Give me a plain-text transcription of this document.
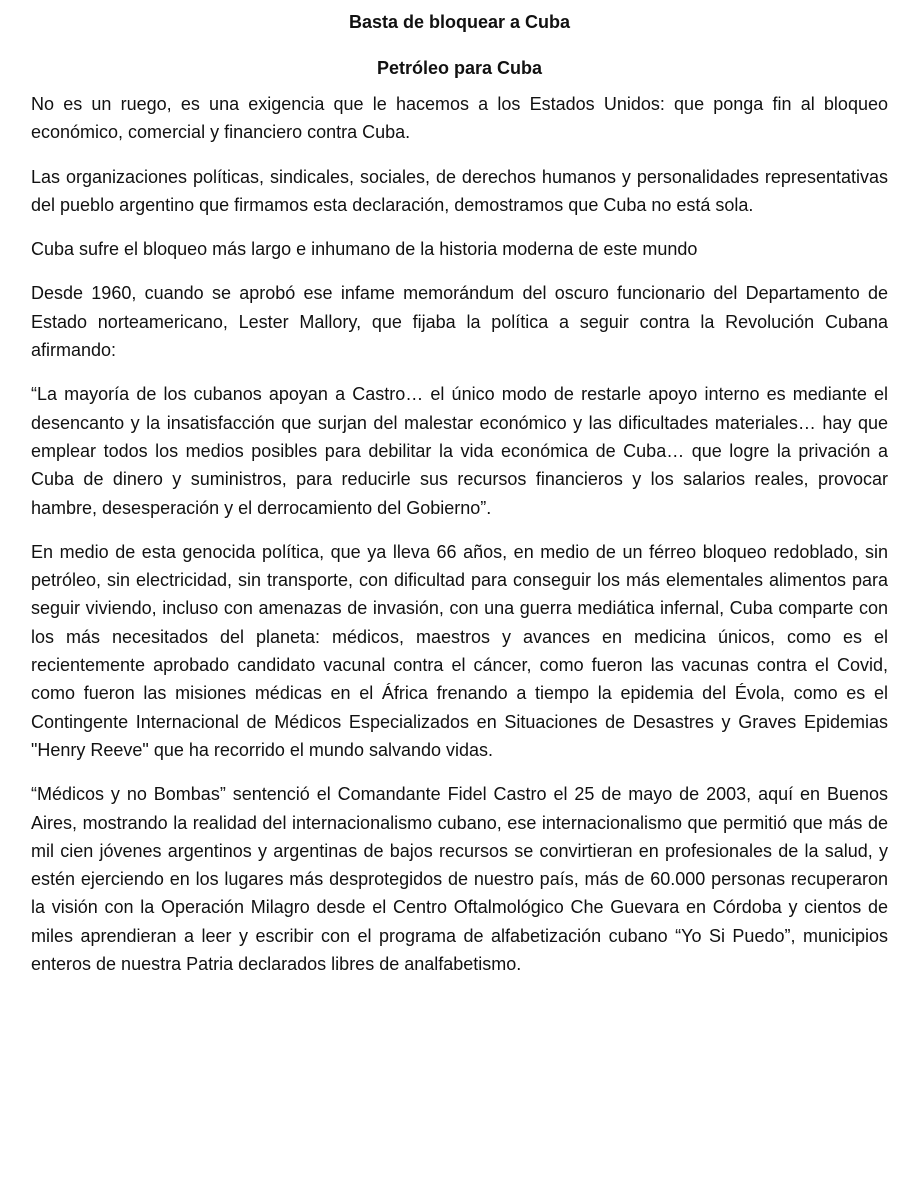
Basta de bloquear a Cuba
Petróleo para Cuba

No es un ruego, es una exigencia que le hacemos a los Estados Unidos: que ponga fin al bloqueo económico, comercial y financiero contra Cuba.

Las organizaciones políticas, sindicales, sociales, de derechos humanos y personalidades representativas del pueblo argentino que firmamos esta declaración, demostramos que Cuba no está sola.

Cuba sufre el bloqueo más largo e inhumano de la historia moderna de este mundo

Desde 1960, cuando se aprobó ese infame memorándum del oscuro funcionario del Departamento de Estado norteamericano, Lester Mallory, que fijaba la política a seguir contra la Revolución Cubana afirmando:

“La mayoría de los cubanos apoyan a Castro… el único modo de restarle apoyo interno es mediante el desencanto y la insatisfacción que surjan del malestar económico y las dificultades materiales… hay que emplear todos los medios posibles para debilitar la vida económica de Cuba… que logre la privación a Cuba de dinero y suministros, para reducirle sus recursos financieros y los salarios reales, provocar hambre, desesperación y el derrocamiento del Gobierno”.

En medio de esta genocida política, que ya lleva 66 años, en medio de un férreo bloqueo redoblado, sin petróleo, sin electricidad, sin transporte, con dificultad para conseguir los más elementales alimentos para seguir viviendo, incluso con amenazas de invasión, con una guerra mediática infernal, Cuba comparte con los más necesitados del planeta: médicos, maestros y avances en medicina únicos, como es el recientemente aprobado candidato vacunal contra el cáncer, como fueron las vacunas contra el Covid, como fueron las misiones médicas en el África frenando a tiempo la epidemia del Évola, como es el Contingente Internacional de Médicos Especializados en Situaciones de Desastres y Graves Epidemias "Henry Reeve" que ha recorrido el mundo salvando vidas.

“Médicos y no Bombas” sentenció el Comandante Fidel Castro el 25 de mayo de 2003, aquí en Buenos Aires, mostrando la realidad del internacionalismo cubano, ese internacionalismo que permitió que más de mil cien jóvenes argentinos y argentinas de bajos recursos se convirtieran en profesionales de la salud, y estén ejerciendo en los lugares más desprotegidos de nuestro país, más de 60.000 personas recuperaron la visión con la Operación Milagro desde el Centro Oftalmológico Che Guevara en Córdoba y cientos de miles aprendieran a leer y escribir con el programa de alfabetización cubano “Yo Si Puedo”, municipios enteros de nuestra Patria declarados libres de analfabetismo.
